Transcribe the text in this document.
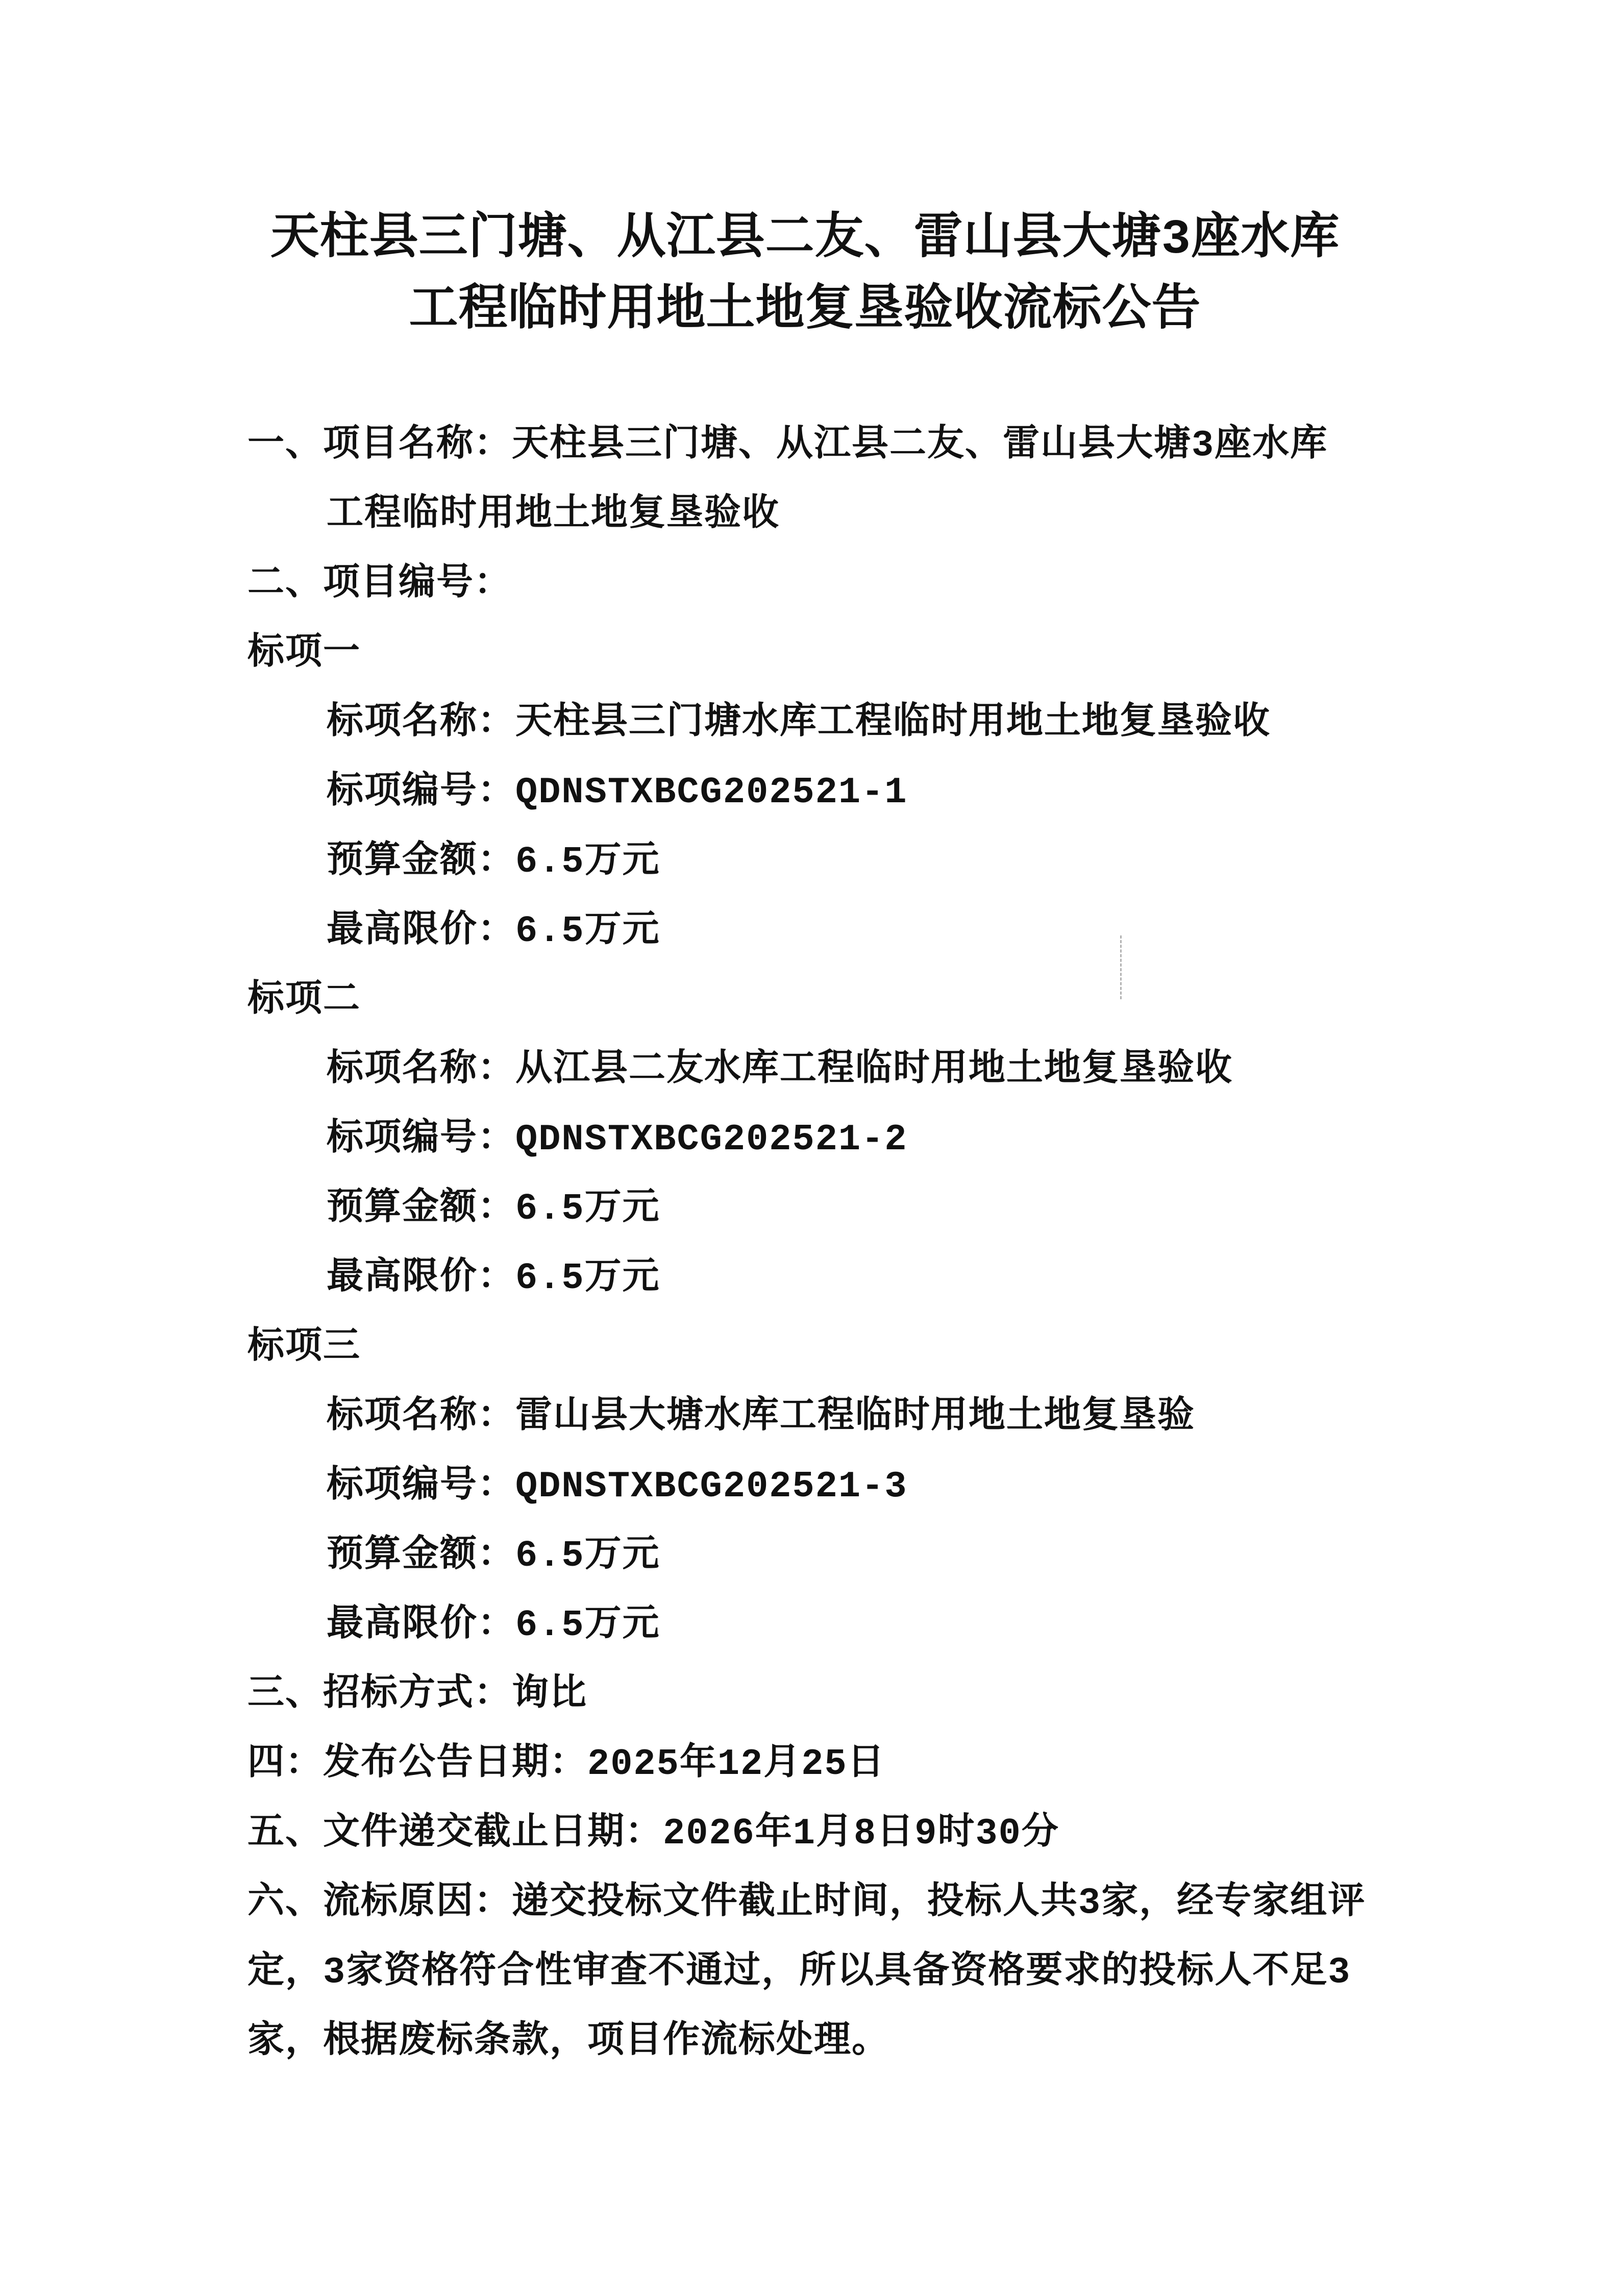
天柱县三门塘、从江县二友、雷山县大塘3座水库
工程临时用地土地复垦验收流标公告
一、项目名称：天柱县三门塘、从江县二友、雷山县大塘3座水库
工程临时用地土地复垦验收
二、项目编号：
标项一
标项名称：天柱县三门塘水库工程临时用地土地复垦验收
标项编号：QDNSTXBCG202521-1
预算金额：6.5万元
最高限价：6.5万元
标项二
标项名称：从江县二友水库工程临时用地土地复垦验收
标项编号：QDNSTXBCG202521-2
预算金额：6.5万元
最高限价：6.5万元
标项三
标项名称：雷山县大塘水库工程临时用地土地复垦验
标项编号：QDNSTXBCG202521-3
预算金额：6.5万元
最高限价：6.5万元
三、招标方式：询比
四：发布公告日期：2025年12月25日
五、文件递交截止日期：2026年1月8日9时30分
六、流标原因：递交投标文件截止时间，投标人共3家，经专家组评
定，3家资格符合性审查不通过，所以具备资格要求的投标人不足3
家，根据废标条款，项目作流标处理。
